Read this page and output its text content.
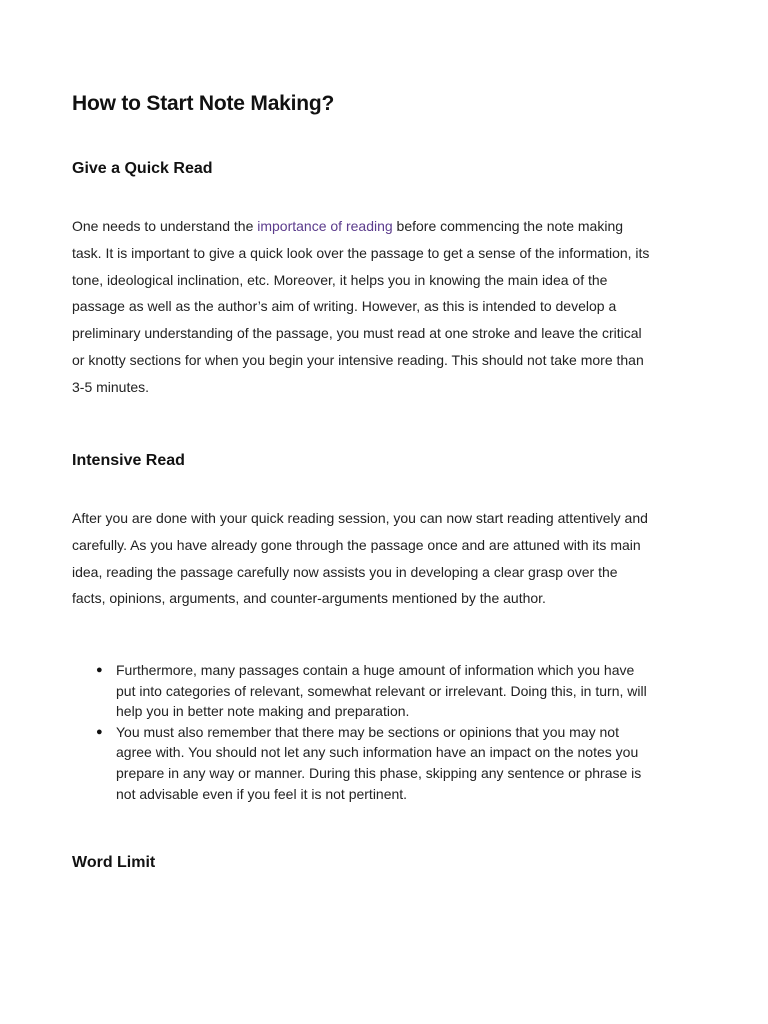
How to Start Note Making?
Give a Quick Read

One needs to understand the importance of reading before commencing the note making
task. It is important to give a quick look over the passage to get a sense of the information, its
tone, ideological inclination, etc. Moreover, it helps you in knowing the main idea of the
passage as well as the author’s aim of writing. However, as this is intended to develop a
preliminary understanding of the passage, you must read at one stroke and leave the critical
or knotty sections for when you begin your intensive reading. This should not take more than
3-5 minutes.

Intensive Read

After you are done with your quick reading session, you can now start reading attentively and
carefully. As you have already gone through the passage once and are attuned with its main
idea, reading the passage carefully now assists you in developing a clear grasp over the
facts, opinions, arguments, and counter-arguments mentioned by the author.

● Furthermore, many passages contain a huge amount of information which you have
put into categories of relevant, somewhat relevant or irrelevant. Doing this, in turn, will
help you in better note making and preparation.
● You must also remember that there may be sections or opinions that you may not
agree with. You should not let any such information have an impact on the notes you
prepare in any way or manner. During this phase, skipping any sentence or phrase is
not advisable even if you feel it is not pertinent.
Word Limit
